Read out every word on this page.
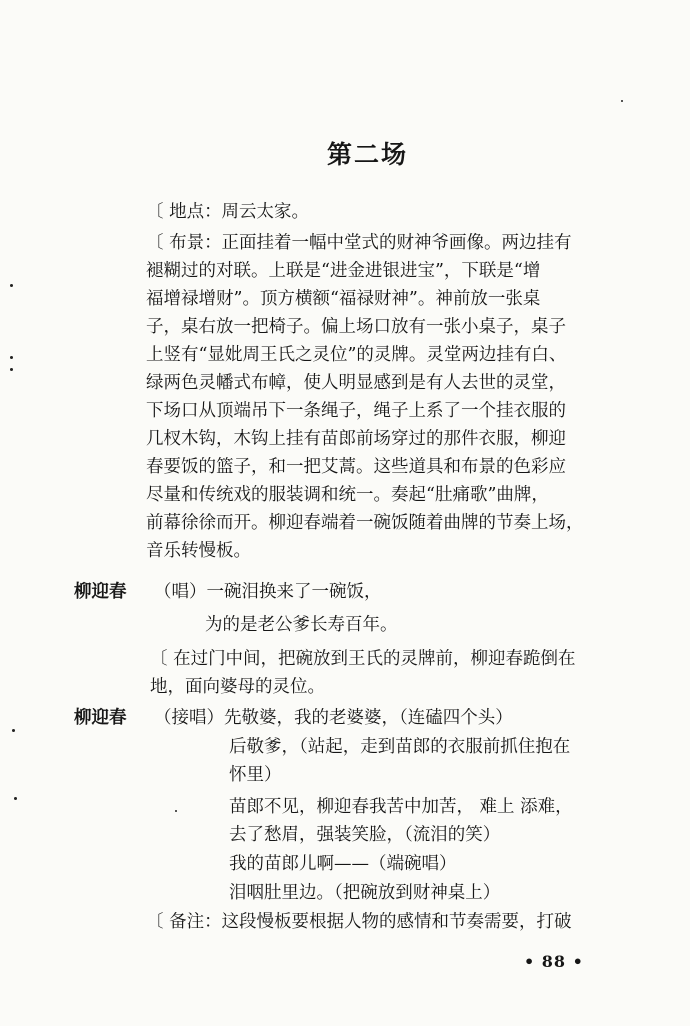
第二场
〔 地点：周云太家。
〔 布景：正面挂着一幅中堂式的财神爷画像。两边挂有
褪糊过的对联。上联是“进金进银进宝”，下联是“增
福增禄增财”。顶方横额“福禄财神”。神前放一张桌
子，桌右放一把椅子。偏上场口放有一张小桌子，桌子
上竖有“显妣周王氏之灵位”的灵牌。灵堂两边挂有白、
绿两色灵幡式布幛，使人明显感到是有人去世的灵堂，
下场口从顶端吊下一条绳子，绳子上系了一个挂衣服的
几杈木钩，木钩上挂有苗郎前场穿过的那件衣服，柳迎
春要饭的篮子，和一把艾蒿。这些道具和布景的色彩应
尽量和传统戏的服装调和统一。奏起“肚痛歌”曲牌，
前幕徐徐而开。柳迎春端着一碗饭随着曲牌的节奏上场，
音乐转慢板。
柳迎春 （唱）一碗泪换来了一碗饭，
为的是老公爹长寿百年。
〔 在过门中间，把碗放到王氏的灵牌前，柳迎春跪倒在
地，面向婆母的灵位。
柳迎春 （接唱）先敬婆，我的老婆婆，（连磕四个头）
后敬爹，（站起，走到苗郎的衣服前抓住抱在
怀里）
苗郎不见，柳迎春我苦中加苦， 难上 添难，
去了愁眉，强装笑脸，（流泪的笑）
我的苗郎儿啊——（端碗唱）
泪咽肚里边。（把碗放到财神桌上）
〔 备注：这段慢板要根据人物的感情和节奏需要，打破
• 88 •
